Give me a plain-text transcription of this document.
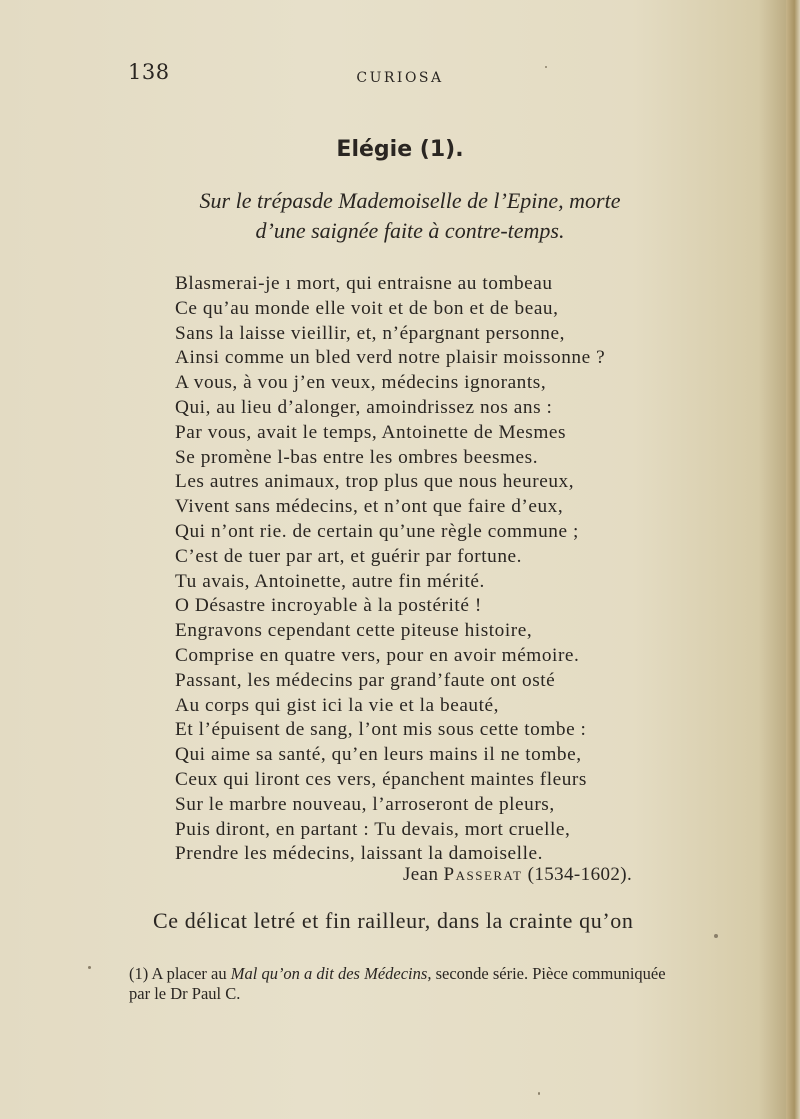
138	CURIOSA
Elégie (1).
Sur le trépasde Mademoiselle de l’Epine, morte
d’une saignée faite à contre-temps.
Blasmerai-je ı mort, qui entraisne au tombeau
Ce qu’au monde elle voit et de bon et de beau,
Sans la laisse vieillir, et, n’épargnant personne,
Ainsi comme un bled verd notre plaisir moissonne ?
A vous, à vou j’en veux, médecins ignorants,
Qui, au lieu d’alonger, amoindrissez nos ans :
Par vous, avait le temps, Antoinette de Mesmes
Se promène l-bas entre les ombres beesmes.
Les autres animaux, trop plus que nous heureux,
Vivent sans médecins, et n’ont que faire d’eux,
Qui n’ont rie. de certain qu’une règle commune ;
C’est de tuer par art, et guérir par fortune.
Tu avais, Antoinette, autre fin mérité.
O Désastre incroyable à la postérité !
Engravons cependant cette piteuse histoire,
Comprise en quatre vers, pour en avoir mémoire.
Passant, les médecins par grand’faute ont osté
Au corps qui gist ici la vie et la beauté,
Et l’épuisent de sang, l’ont mis sous cette tombe :
Qui aime sa santé, qu’en leurs mains il ne tombe,
Ceux qui liront ces vers, épanchent maintes fleurs
Sur le marbre nouveau, l’arroseront de pleurs,
Puis diront, en partant : Tu devais, mort cruelle,
Prendre les médecins, laissant la damoiselle.
Jean Passerat (1534-1602).
Ce délicat letré et fin railleur, dans la crainte qu’on
(1) A placer au Mal qu’on a dit des Médecins, seconde série. Pièce communiquée par le Dr Paul C.
